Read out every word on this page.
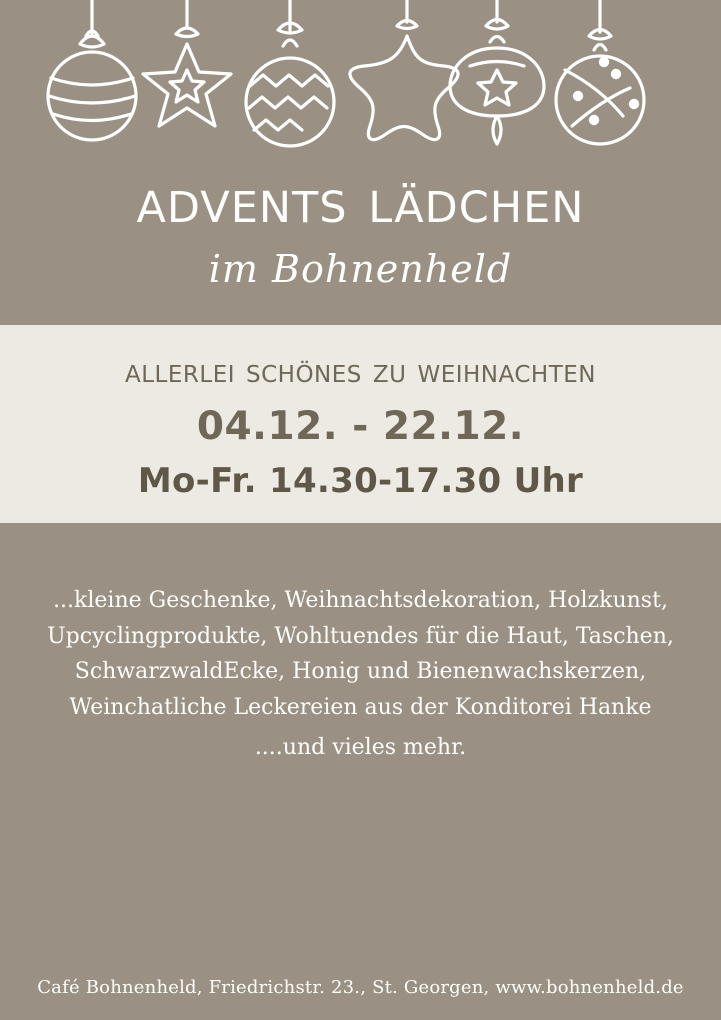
advents lädchen
im Bohnenheld
allerlei schönes zu weihnachten
04.12. - 22.12.
Mo-Fr. 14.30-17.30 Uhr
...kleine Geschenke, Weihnachtsdekoration, Holzkunst,
Upcyclingprodukte, Wohltuendes für die Haut, Taschen,
SchwarzwaldEcke, Honig und Bienenwachskerzen,
Weinchatliche Leckereien aus der Konditorei Hanke
....und vieles mehr.
Café Bohnenheld, Friedrichstr. 23., St. Georgen, www.bohnenheld.de
